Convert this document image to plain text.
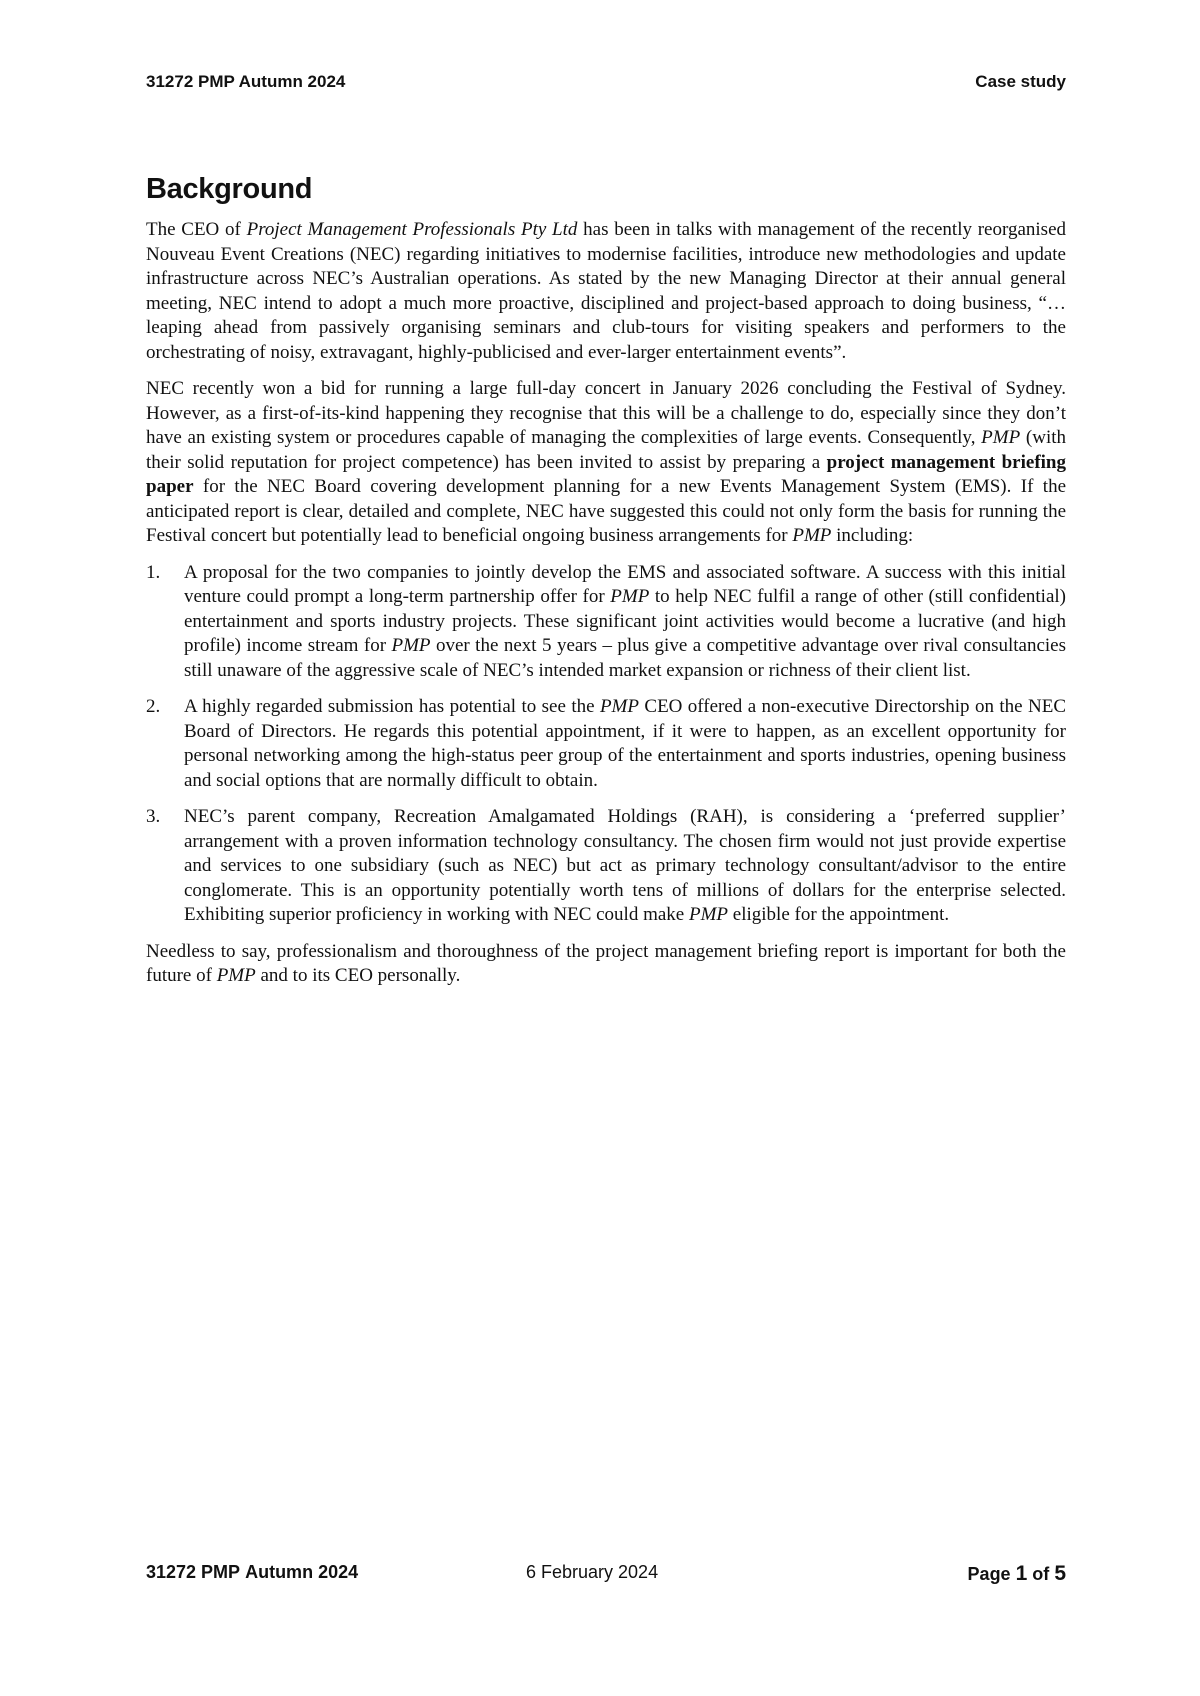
31272 PMP Autumn 2024	Case study
Background

The CEO of Project Management Professionals Pty Ltd has been in talks with management of the recently reorganised Nouveau Event Creations (NEC) regarding initiatives to modernise facilities, introduce new methodologies and update infrastructure across NEC’s Australian operations. As stated by the new Managing Director at their annual general meeting, NEC intend to adopt a much more proactive, disciplined and project-based approach to doing business, “… leaping ahead from passively organising seminars and club-tours for visiting speakers and performers to the orchestrating of noisy, extravagant, highly-publicised and ever-larger entertainment events”.

NEC recently won a bid for running a large full-day concert in January 2026 concluding the Festival of Sydney. However, as a first-of-its-kind happening they recognise that this will be a challenge to do, especially since they don’t have an existing system or procedures capable of managing the complexities of large events. Consequently, PMP (with their solid reputation for project competence) has been invited to assist by preparing a project management briefing paper for the NEC Board covering development planning for a new Events Management System (EMS). If the anticipated report is clear, detailed and complete, NEC have suggested this could not only form the basis for running the Festival concert but potentially lead to beneficial ongoing business arrangements for PMP including:

1. A proposal for the two companies to jointly develop the EMS and associated software. A success with this initial venture could prompt a long-term partnership offer for PMP to help NEC fulfil a range of other (still confidential) entertainment and sports industry projects. These significant joint activities would become a lucrative (and high profile) income stream for PMP over the next 5 years – plus give a competitive advantage over rival consultancies still unaware of the aggressive scale of NEC’s intended market expansion or richness of their client list.
2. A highly regarded submission has potential to see the PMP CEO offered a non-executive Directorship on the NEC Board of Directors. He regards this potential appointment, if it were to happen, as an excellent opportunity for personal networking among the high-status peer group of the entertainment and sports industries, opening business and social options that are normally difficult to obtain.
3. NEC’s parent company, Recreation Amalgamated Holdings (RAH), is considering a ‘preferred supplier’ arrangement with a proven information technology consultancy. The chosen firm would not just provide expertise and services to one subsidiary (such as NEC) but act as primary technology consultant/advisor to the entire conglomerate. This is an opportunity potentially worth tens of millions of dollars for the enterprise selected. Exhibiting superior proficiency in working with NEC could make PMP eligible for the appointment.

Needless to say, professionalism and thoroughness of the project management briefing report is important for both the future of PMP and to its CEO personally.

31272 PMP Autumn 2024	6 February 2024	Page 1 of 5
